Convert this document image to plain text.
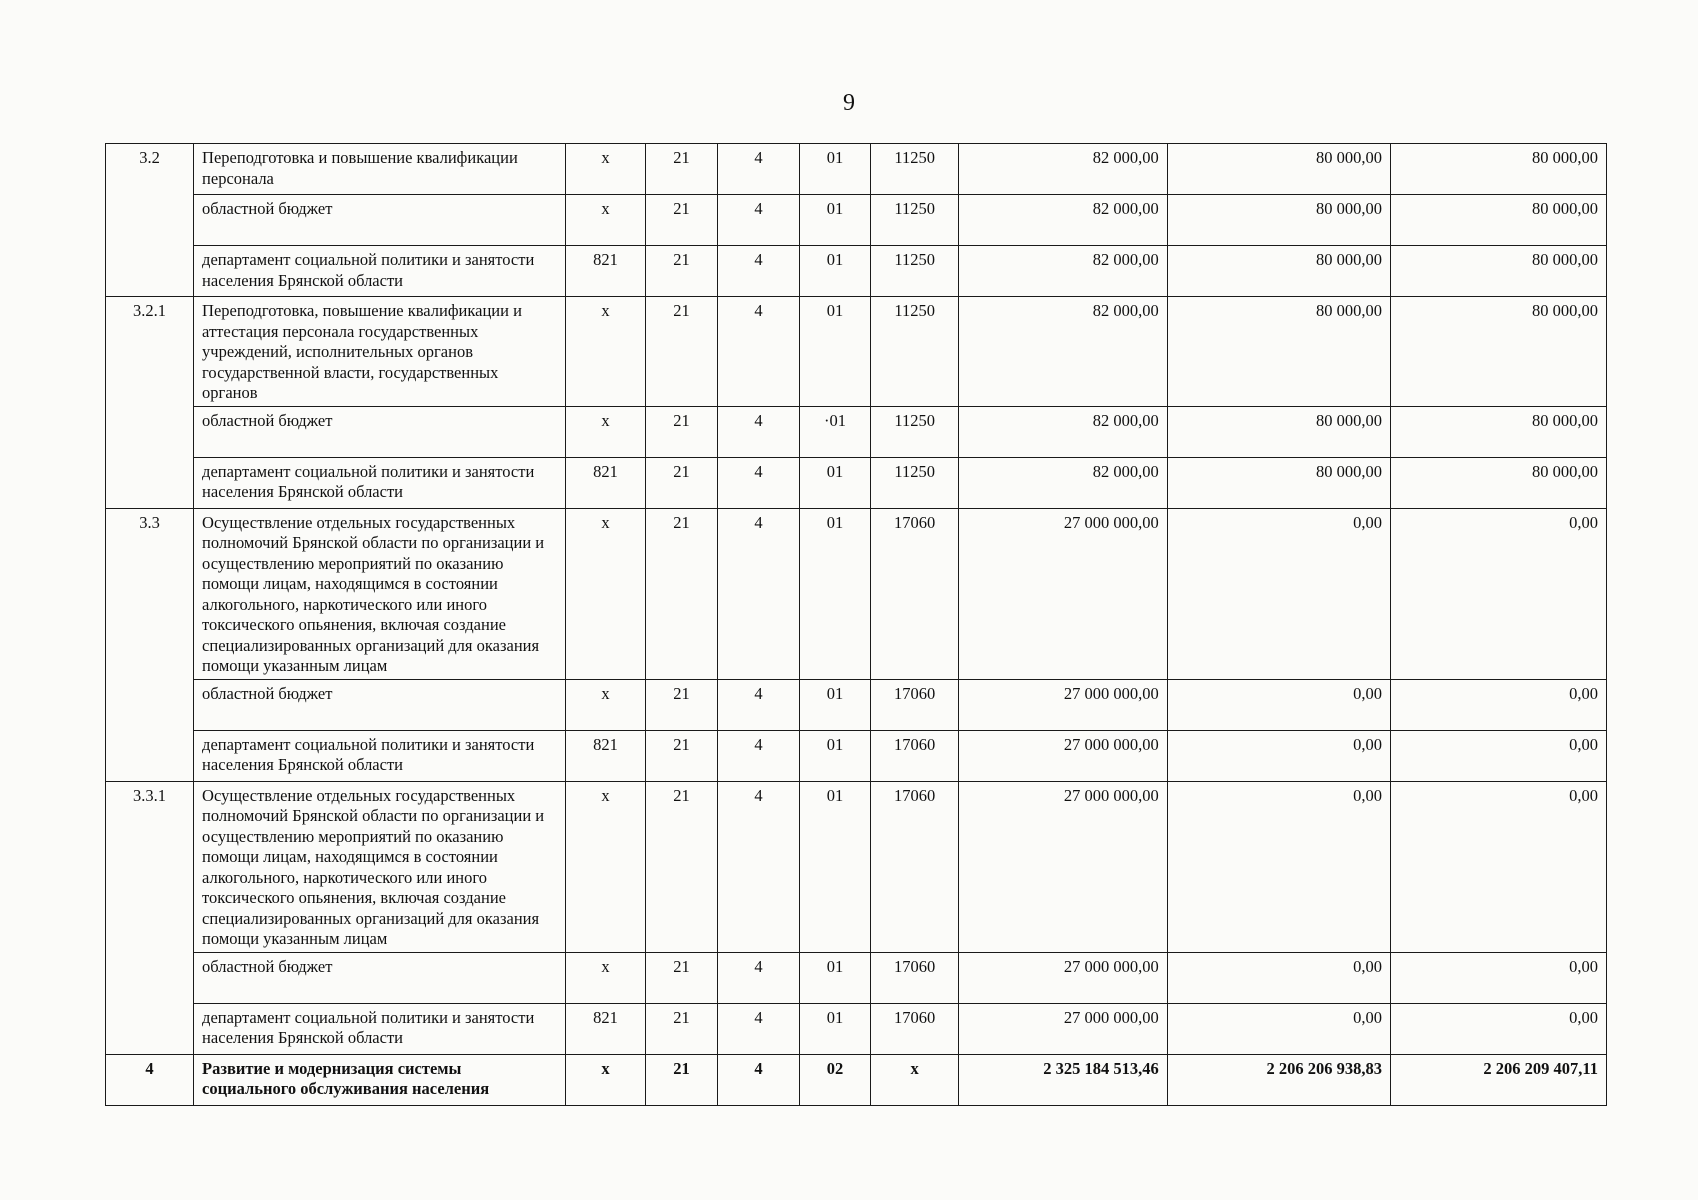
9
3.2	Переподготовка и повышение квалификации персонала	x	21	4	01	11250	82 000,00	80 000,00	80 000,00
	областной бюджет	x	21	4	01	11250	82 000,00	80 000,00	80 000,00
	департамент социальной политики и занятости населения Брянской области	821	21	4	01	11250	82 000,00	80 000,00	80 000,00
3.2.1	Переподготовка, повышение квалификации и аттестация персонала государственных учреждений, исполнительных органов государственной власти, государственных органов	x	21	4	01	11250	82 000,00	80 000,00	80 000,00
	областной бюджет	x	21	4	·01	11250	82 000,00	80 000,00	80 000,00
	департамент социальной политики и занятости населения Брянской области	821	21	4	01	11250	82 000,00	80 000,00	80 000,00
3.3	Осуществление отдельных государственных полномочий Брянской области по организации и осуществлению мероприятий по оказанию помощи лицам, находящимся в состоянии алкогольного, наркотического или иного токсического опьянения, включая создание специализированных организаций для оказания помощи указанным лицам	x	21	4	01	17060	27 000 000,00	0,00	0,00
	областной бюджет	x	21	4	01	17060	27 000 000,00	0,00	0,00
	департамент социальной политики и занятости населения Брянской области	821	21	4	01	17060	27 000 000,00	0,00	0,00
3.3.1	Осуществление отдельных государственных полномочий Брянской области по организации и осуществлению мероприятий по оказанию помощи лицам, находящимся в состоянии алкогольного, наркотического или иного токсического опьянения, включая создание специализированных организаций для оказания помощи указанным лицам	x	21	4	01	17060	27 000 000,00	0,00	0,00
	областной бюджет	x	21	4	01	17060	27 000 000,00	0,00	0,00
	департамент социальной политики и занятости населения Брянской области	821	21	4	01	17060	27 000 000,00	0,00	0,00
4	Развитие и модернизация системы социального обслуживания населения	x	21	4	02	x	2 325 184 513,46	2 206 206 938,83	2 206 209 407,11
